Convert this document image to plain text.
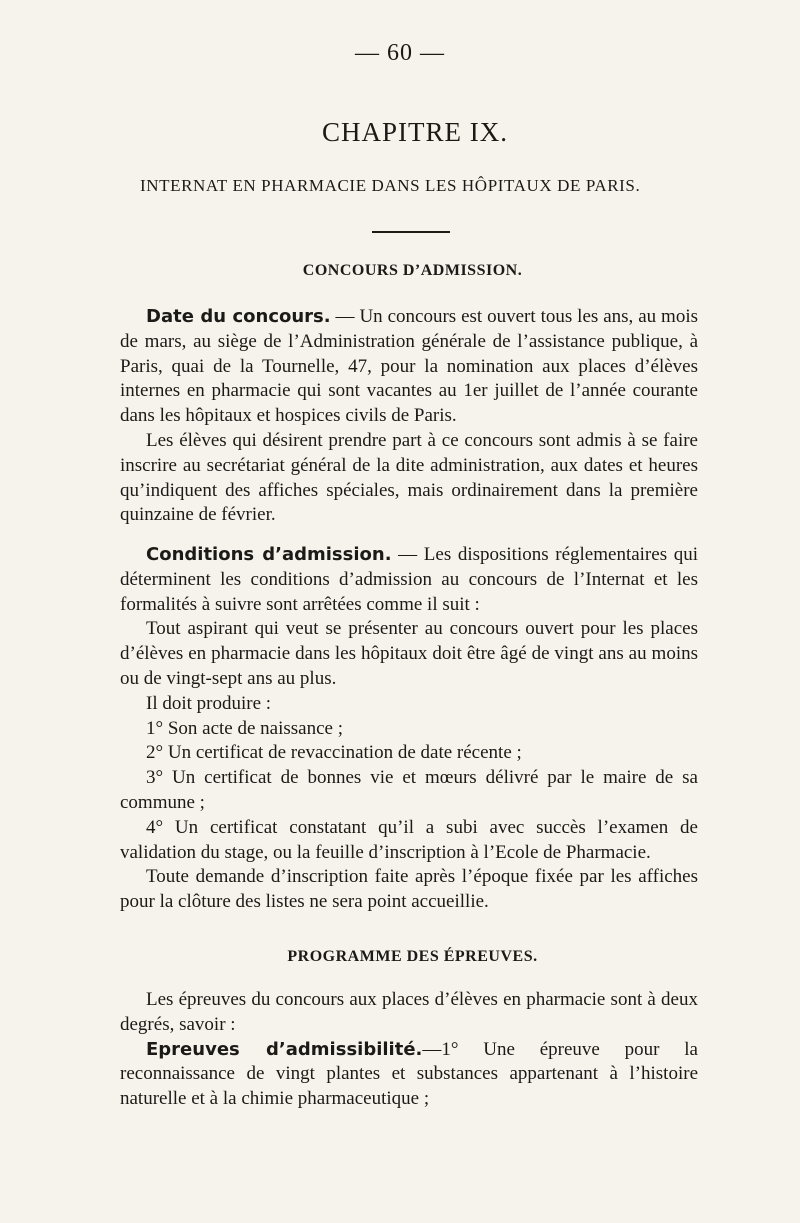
— 60 —
CHAPITRE IX.
INTERNAT EN PHARMACIE DANS LES HÔPITAUX DE PARIS.
CONCOURS D’ADMISSION.

Date du concours. — Un concours est ouvert tous les ans, au mois de mars, au siège de l’Administration générale de l’assistance publique, à Paris, quai de la Tournelle, 47, pour la nomination aux places d’élèves internes en pharmacie qui sont vacantes au 1er juillet de l’année courante dans les hôpitaux et hospices civils de Paris.

Les élèves qui désirent prendre part à ce concours sont admis à se faire inscrire au secrétariat général de la dite administration, aux dates et heures qu’indiquent des affiches spéciales, mais ordinairement dans la première quinzaine de février.

Conditions d’admission. — Les dispositions réglementaires qui déterminent les conditions d’admission au concours de l’Internat et les formalités à suivre sont arrêtées comme il suit :

Tout aspirant qui veut se présenter au concours ouvert pour les places d’élèves en pharmacie dans les hôpitaux doit être âgé de vingt ans au moins ou de vingt-sept ans au plus.

Il doit produire :

1° Son acte de naissance ;

2° Un certificat de revaccination de date récente ;

3° Un certificat de bonnes vie et mœurs délivré par le maire de sa commune ;

4° Un certificat constatant qu’il a subi avec succès l’examen de validation du stage, ou la feuille d’inscription à l’Ecole de Pharmacie.

Toute demande d’inscription faite après l’époque fixée par les affiches pour la clôture des listes ne sera point accueillie.

PROGRAMME DES ÉPREUVES.

Les épreuves du concours aux places d’élèves en pharmacie sont à deux degrés, savoir :

Epreuves d’admissibilité.—1° Une épreuve pour la reconnaissance de vingt plantes et substances appartenant à l’histoire naturelle et à la chimie pharmaceutique ;
